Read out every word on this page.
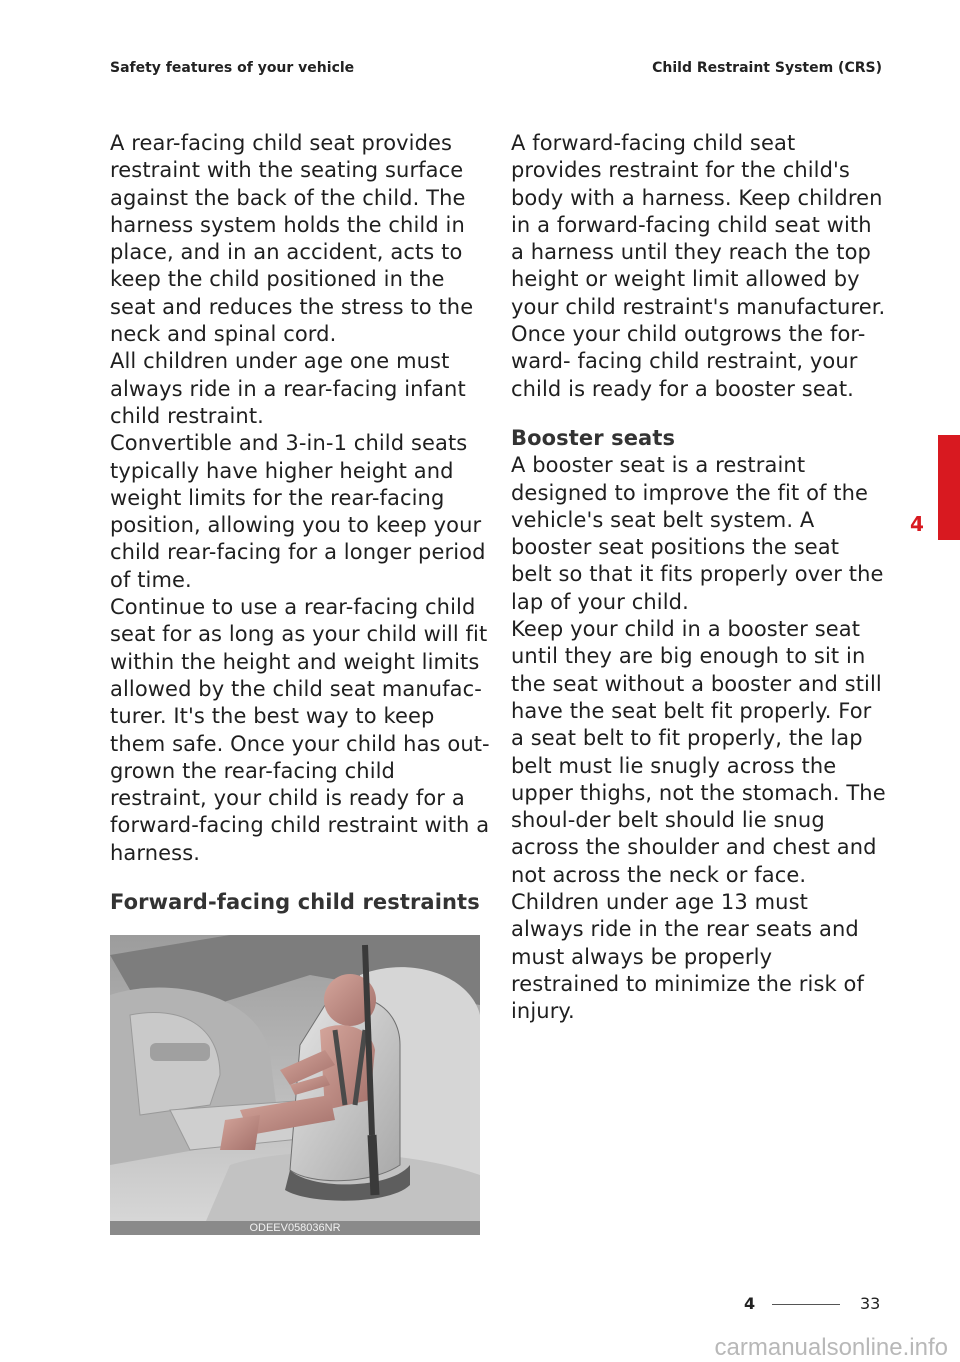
Safety features of your vehicle	Child Restraint System (CRS)

A rear-facing child seat provides restraint with the seating surface against the back of the child. The harness system holds the child in place, and in an accident, acts to keep the child positioned in the seat and reduces the stress to the neck and spinal cord.

All children under age one must always ride in a rear-facing infant child restraint.

Convertible and 3-in-1 child seats typically have higher height and weight limits for the rear-facing position, allowing you to keep your child rear-facing for a longer period of time.

Continue to use a rear-facing child seat for as long as your child will fit within the height and weight limits allowed by the child seat manufac-turer. It's the best way to keep them safe. Once your child has out-grown the rear-facing child restraint, your child is ready for a forward-facing child restraint with a harness.

Forward-facing child restraints
ODEEV058036NR

A forward-facing child seat provides restraint for the child's body with a harness. Keep children in a forward-facing child seat with a harness until they reach the top height or weight limit allowed by your child restraint's manufacturer.

Once your child outgrows the for-ward- facing child restraint, your child is ready for a booster seat.

Booster seats

A booster seat is a restraint designed to improve the fit of the vehicle's seat belt system. A booster seat positions the seat belt so that it fits properly over the lap of your child.

Keep your child in a booster seat until they are big enough to sit in the seat without a booster and still have the seat belt fit properly. For a seat belt to fit properly, the lap belt must lie snugly across the upper thighs, not the stomach. The shoul-der belt should lie snug across the shoulder and chest and not across the neck or face. Children under age 13 must always ride in the rear seats and must always be properly restrained to minimize the risk of injury.

4
4	33
carmanualsonline.info
